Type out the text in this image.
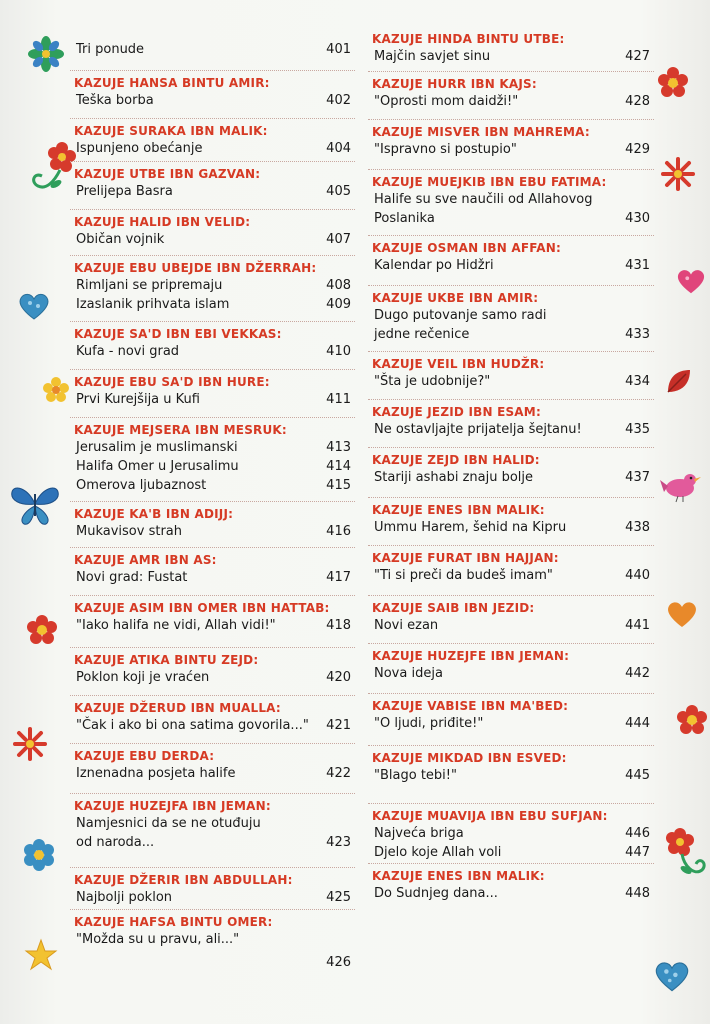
Tri ponude	401
KAZUJE HANSA BINTU AMIR:
Teška borba	402
KAZUJE SURAKA IBN MALIK:
Ispunjeno obećanje	404
KAZUJE UTBE IBN GAZVAN:
Prelijepa Basra	405
KAZUJE HALID IBN VELID:
Običan vojnik	407
KAZUJE EBU UBEJDE IBN DŽERRAH:
Rimljani se pripremaju	408
Izaslanik prihvata islam	409
KAZUJE SA'D IBN EBI VEKKAS:
Kufa - novi grad	410
KAZUJE EBU SA'D IBN HURE:
Prvi Kurejšija u Kufi	411
KAZUJE MEJSERA IBN MESRUK:
Jerusalim je muslimanski	413
Halifa Omer u Jerusalimu	414
Omerova ljubaznost	415
KAZUJE KA'B IBN ADIJJ:
Mukavisov strah	416
KAZUJE AMR IBN AS:
Novi grad: Fustat	417
KAZUJE ASIM IBN OMER IBN HATTAB:
"Iako halifa ne vidi, Allah vidi!"	418
KAZUJE ATIKA BINTU ZEJD:
Poklon koji je vraćen	420
KAZUJE DŽERUD IBN MUALLA:
"Čak i ako bi ona satima govorila..." 421
KAZUJE EBU DERDA:
Iznenadna posjeta halife	422
KAZUJE HUZEJFA IBN JEMAN:
Namjesnici da se ne otuđuju
od naroda...	423
KAZUJE DŽERIR IBN ABDULLAH:
Najbolji poklon	425
KAZUJE HAFSA BINTU OMER:
"Možda su u pravu, ali..."
426
KAZUJE HINDA BINTU UTBE:
Majčin savjet sinu	427
KAZUJE HURR IBN KAJS:
"Oprosti mom daidži!"	428
KAZUJE MISVER IBN MAHREMA:
"Ispravno si postupio"	429
KAZUJE MUEJKIB IBN EBU FATIMA:
Halife su sve naučili od Allahovog
Poslanika	430
KAZUJE OSMAN IBN AFFAN:
Kalendar po Hidžri	431
KAZUJE UKBE IBN AMIR:
Dugo putovanje samo radi
jedne rečenice	433
KAZUJE VEIL IBN HUDŽR:
"Šta je udobnije?"	434
KAZUJE JEZID IBN ESAM:
Ne ostavljajte prijatelja šejtanu!	435
KAZUJE ZEJD IBN HALID:
Stariji ashabi znaju bolje	437
KAZUJE ENES IBN MALIK:
Ummu Harem, šehid na Kipru	438
KAZUJE FURAT IBN HAJJAN:
"Ti si preči da budeš imam"	440
KAZUJE SAIB IBN JEZID:
Novi ezan	441
KAZUJE HUZEJFE IBN JEMAN:
Nova ideja	442
KAZUJE VABISE IBN MA'BED:
"O ljudi, priđite!"	444
KAZUJE MIKDAD IBN ESVED:
"Blago tebi!"	445
KAZUJE MUAVIJA IBN EBU SUFJAN:
Najveća briga	446
Djelo koje Allah voli	447
KAZUJE ENES IBN MALIK:
Do Sudnjeg dana...	448
